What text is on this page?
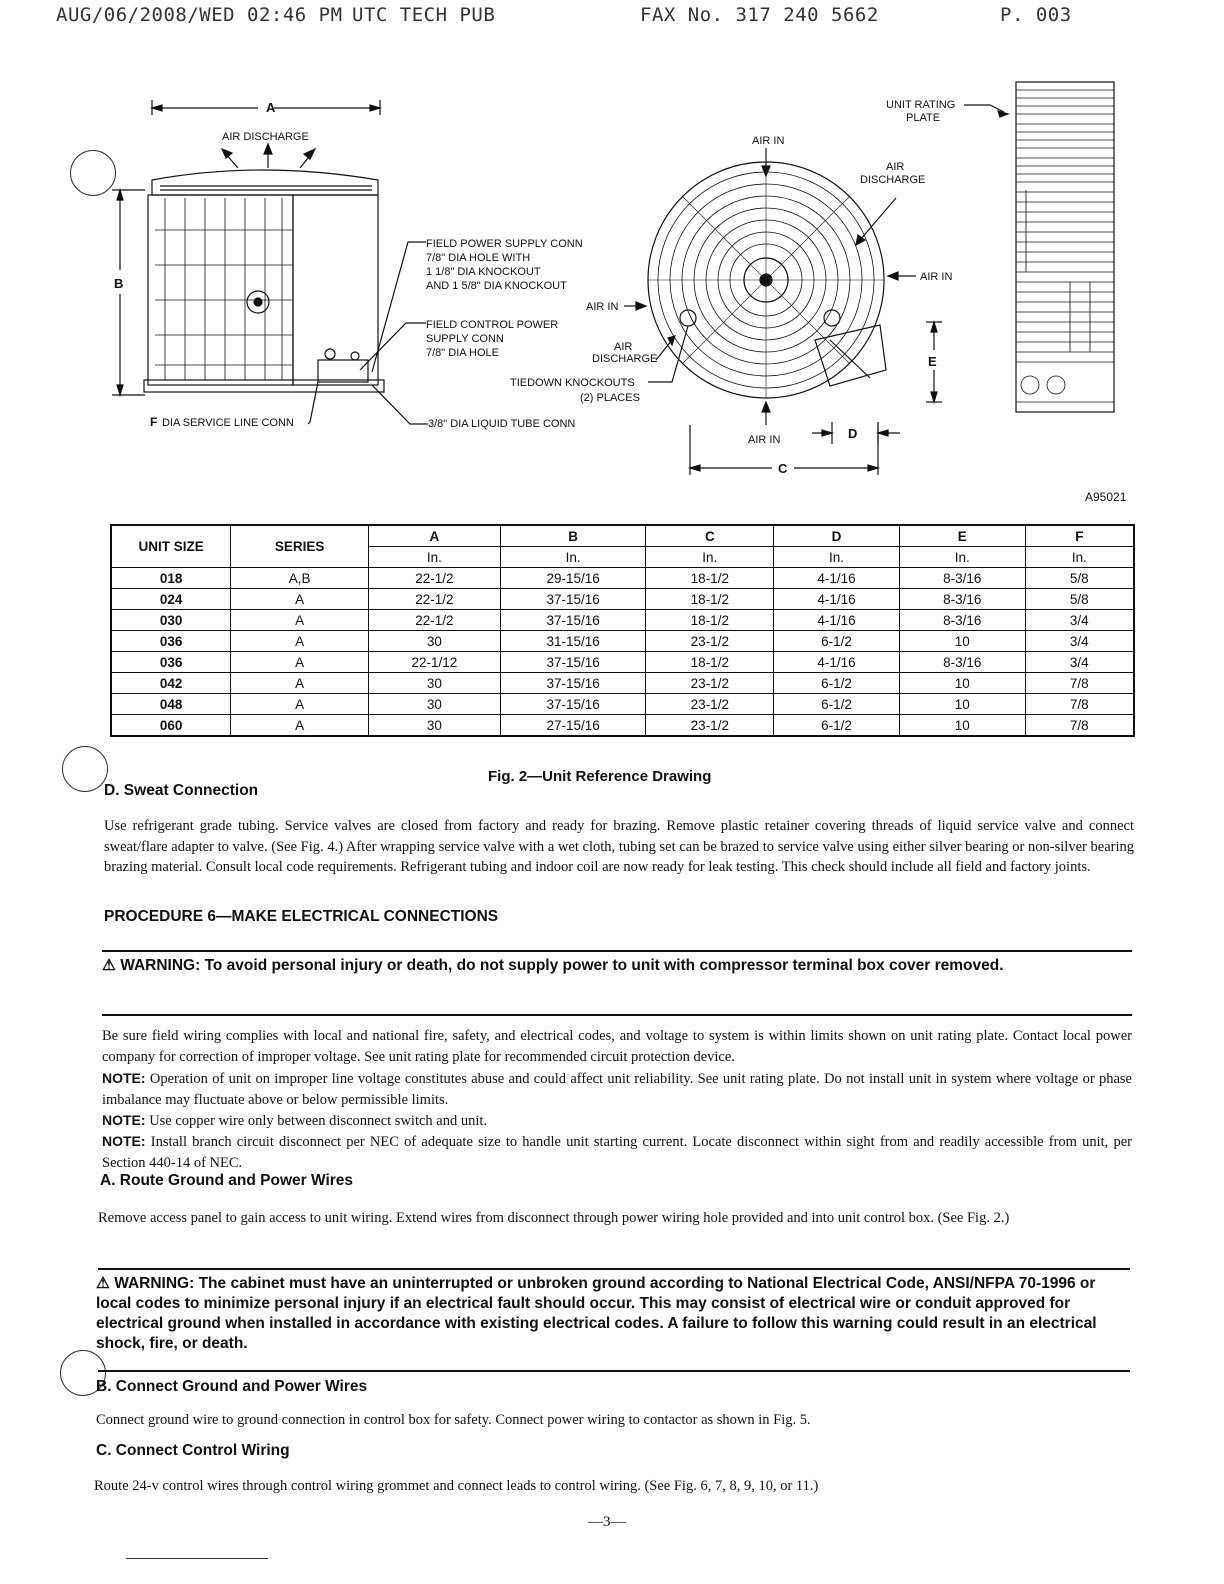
AUG/06/2008/WED 02:46 PM UTC TECH PUB	FAX No. 317 240 5662	P. 003
A
B
AIR DISCHARGE
FIELD POWER SUPPLY CONN
7/8" DIA HOLE WITH
1 1/8" DIA KNOCKOUT
AND 1 5/8" DIA KNOCKOUT
FIELD CONTROL POWER
SUPPLY CONN
7/8" DIA HOLE
F DIA SERVICE LINE CONN	3/8" DIA LIQUID TUBE CONN
AIR IN
AIR
DISCHARGE
AIR IN
AIR IN
AIR
DISCHARGE
TIEDOWN KNOCKOUTS
(2) PLACES
AIR IN
E
D
C
UNIT RATING
PLATE
A95021
UNIT SIZE	SERIES	A	B	C	D	E	F
		In.	In.	In.	In.	In.	In.
018	A,B	22-1/2	29-15/16	18-1/2	4-1/16	8-3/16	5/8
024	A	22-1/2	37-15/16	18-1/2	4-1/16	8-3/16	5/8
030	A	22-1/2	37-15/16	18-1/2	4-1/16	8-3/16	3/4
036	A	30	31-15/16	23-1/2	6-1/2	10	3/4
036	A	22-1/12	37-15/16	18-1/2	4-1/16	8-3/16	3/4
042	A	30	37-15/16	23-1/2	6-1/2	10	7/8
048	A	30	37-15/16	23-1/2	6-1/2	10	7/8
060	A	30	27-15/16	23-1/2	6-1/2	10	7/8
Fig. 2—Unit Reference Drawing
D. Sweat Connection
Use refrigerant grade tubing. Service valves are closed from factory and ready for brazing. Remove plastic retainer covering threads of liquid service valve and connect sweat/flare adapter to valve. (See Fig. 4.) After wrapping service valve with a wet cloth, tubing set can be brazed to service valve using either silver bearing or non-silver bearing brazing material. Consult local code requirements. Refrigerant tubing and indoor coil are now ready for leak testing. This check should include all field and factory joints.
PROCEDURE 6—MAKE ELECTRICAL CONNECTIONS
⚠ WARNING: To avoid personal injury or death, do not supply power to unit with compressor terminal box cover removed.
Be sure field wiring complies with local and national fire, safety, and electrical codes, and voltage to system is within limits shown on unit rating plate. Contact local power company for correction of improper voltage. See unit rating plate for recommended circuit protection device.
NOTE: Operation of unit on improper line voltage constitutes abuse and could affect unit reliability. See unit rating plate. Do not install unit in system where voltage or phase imbalance may fluctuate above or below permissible limits.
NOTE: Use copper wire only between disconnect switch and unit.
NOTE: Install branch circuit disconnect per NEC of adequate size to handle unit starting current. Locate disconnect within sight from and readily accessible from unit, per Section 440-14 of NEC.
A. Route Ground and Power Wires
Remove access panel to gain access to unit wiring. Extend wires from disconnect through power wiring hole provided and into unit control box. (See Fig. 2.)
⚠ WARNING: The cabinet must have an uninterrupted or unbroken ground according to National Electrical Code, ANSI/NFPA 70-1996 or local codes to minimize personal injury if an electrical fault should occur. This may consist of electrical wire or conduit approved for electrical ground when installed in accordance with existing electrical codes. A failure to follow this warning could result in an electrical shock, fire, or death.
B. Connect Ground and Power Wires
Connect ground wire to ground connection in control box for safety. Connect power wiring to contactor as shown in Fig. 5.
C. Connect Control Wiring
Route 24-v control wires through control wiring grommet and connect leads to control wiring. (See Fig. 6, 7, 8, 9, 10, or 11.)
—3—
